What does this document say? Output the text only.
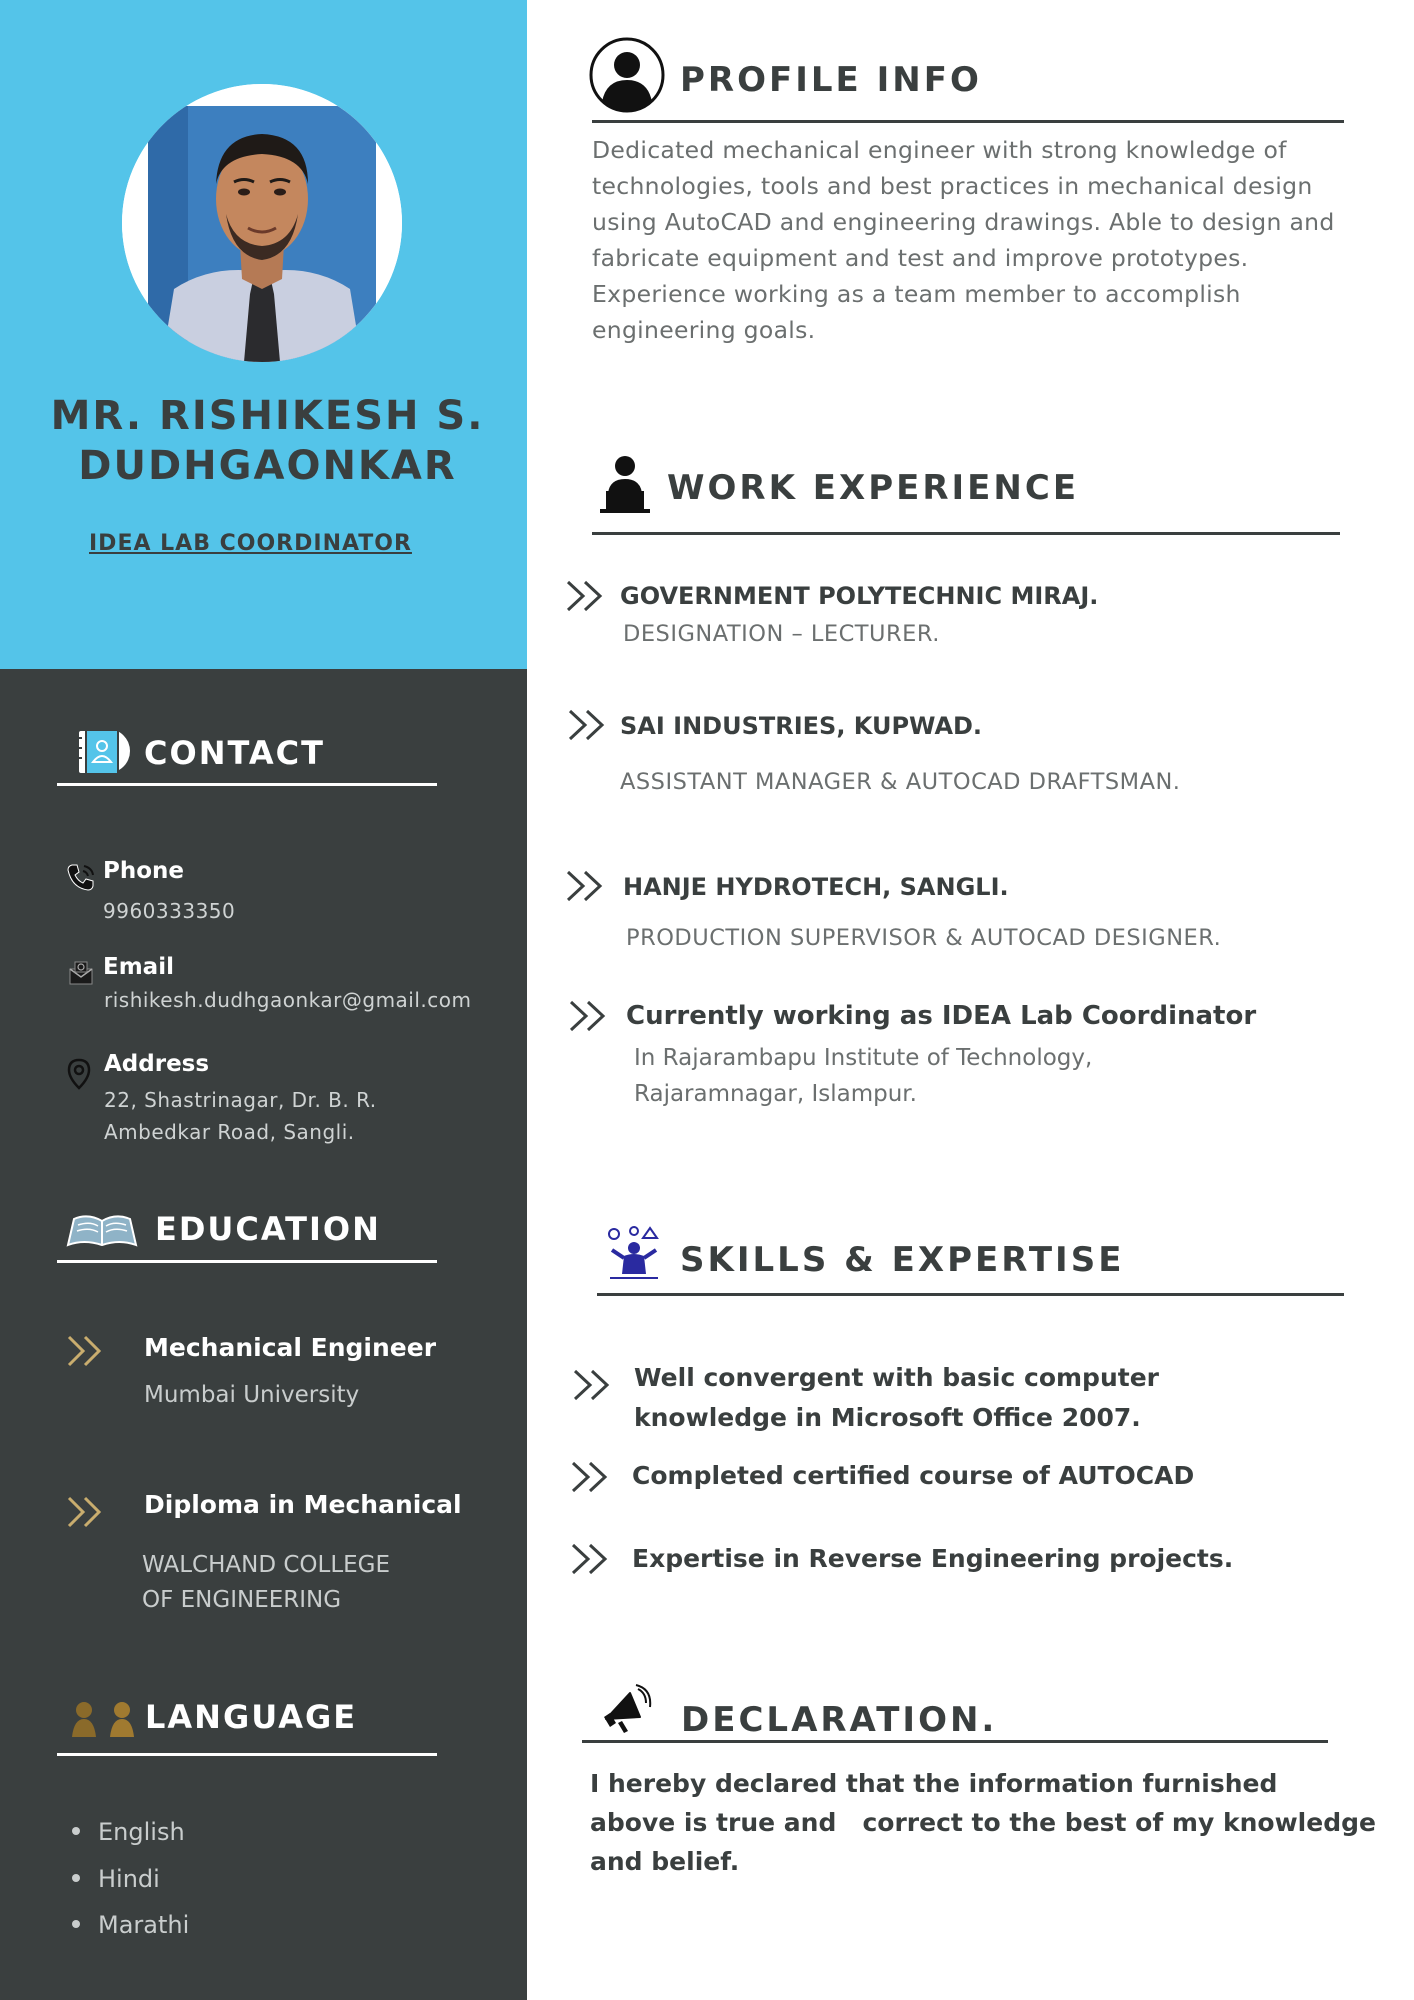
MR. RISHIKESH S.
DUDHGAONKAR
IDEA LAB COORDINATOR
CONTACT
Phone
9960333350
Email
rishikesh.dudhgaonkar@gmail.com
Address
22, Shastrinagar, Dr. B. R.
Ambedkar Road, Sangli.
EDUCATION
Mechanical Engineer
Mumbai University
Diploma in Mechanical
WALCHAND COLLEGE
OF ENGINEERING
LANGUAGE
English
Hindi
Marathi
PROFILE INFO
Dedicated mechanical engineer with strong knowledge of technologies, tools and best practices in mechanical design using AutoCAD and engineering drawings. Able to design and fabricate equipment and test and improve prototypes. Experience working as a team member to accomplish engineering goals.
WORK EXPERIENCE
GOVERNMENT POLYTECHNIC MIRAJ.
DESIGNATION – LECTURER.
SAI INDUSTRIES, KUPWAD.
ASSISTANT MANAGER & AUTOCAD DRAFTSMAN.
HANJE HYDROTECH, SANGLI.
PRODUCTION SUPERVISOR & AUTOCAD DESIGNER.
Currently working as IDEA Lab Coordinator
In Rajarambapu Institute of Technology,
Rajaramnagar, Islampur.
SKILLS & EXPERTISE
Well convergent with basic computer
knowledge in Microsoft Office 2007.
Completed certified course of AUTOCAD
Expertise in Reverse Engineering projects.
DECLARATION.
I hereby declared that the information furnished
above is true and   correct to the best of my knowledge
and belief.
